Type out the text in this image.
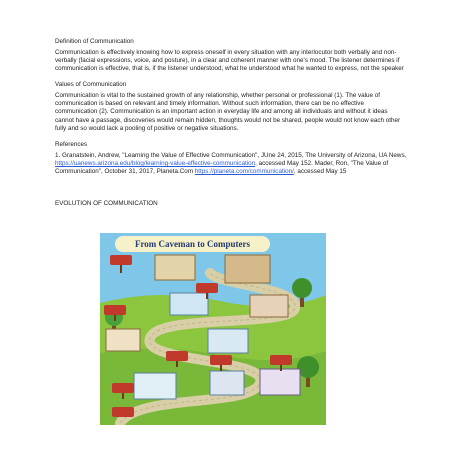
Definition of Communication

Communication is effectively knowing how to express oneself in every situation with any interlocutor both verbally and non-verbally (facial expressions, voice, and posture), in a clear and coherent manner with one's mood. The listener determines if communication is effective, that is, if the listener understood, what he understood what he wanted to express, not the speaker

Values of Communication

Communication is vital to the sustained growth of any relationship, whether personal or professional (1). The value of communication is based on relevant and timely information. Without such information, there can be no effective communication (2). Communication is an important action in everyday life and among all individuals and without it ideas cannot have a passage, discoveries would remain hidden, thoughts would not be shared, people would not know each other fully and so would lack a pooling of positive or negative situations.

References

1. Granatstein, Andrew, "Learning the Value of Effective Communication", JUne 24, 2015, The University of Arizona, UA News, https://uanews.arizona.edu/blog/learning-value-effective-communication, accessed May 152. Mader, Ron, "The Value of Communication", October 31, 2017, Planeta.Com https://planeta.com/communication/, accessed May 15

EVOLUTION OF COMMUNICATION

From Caveman to Computers
